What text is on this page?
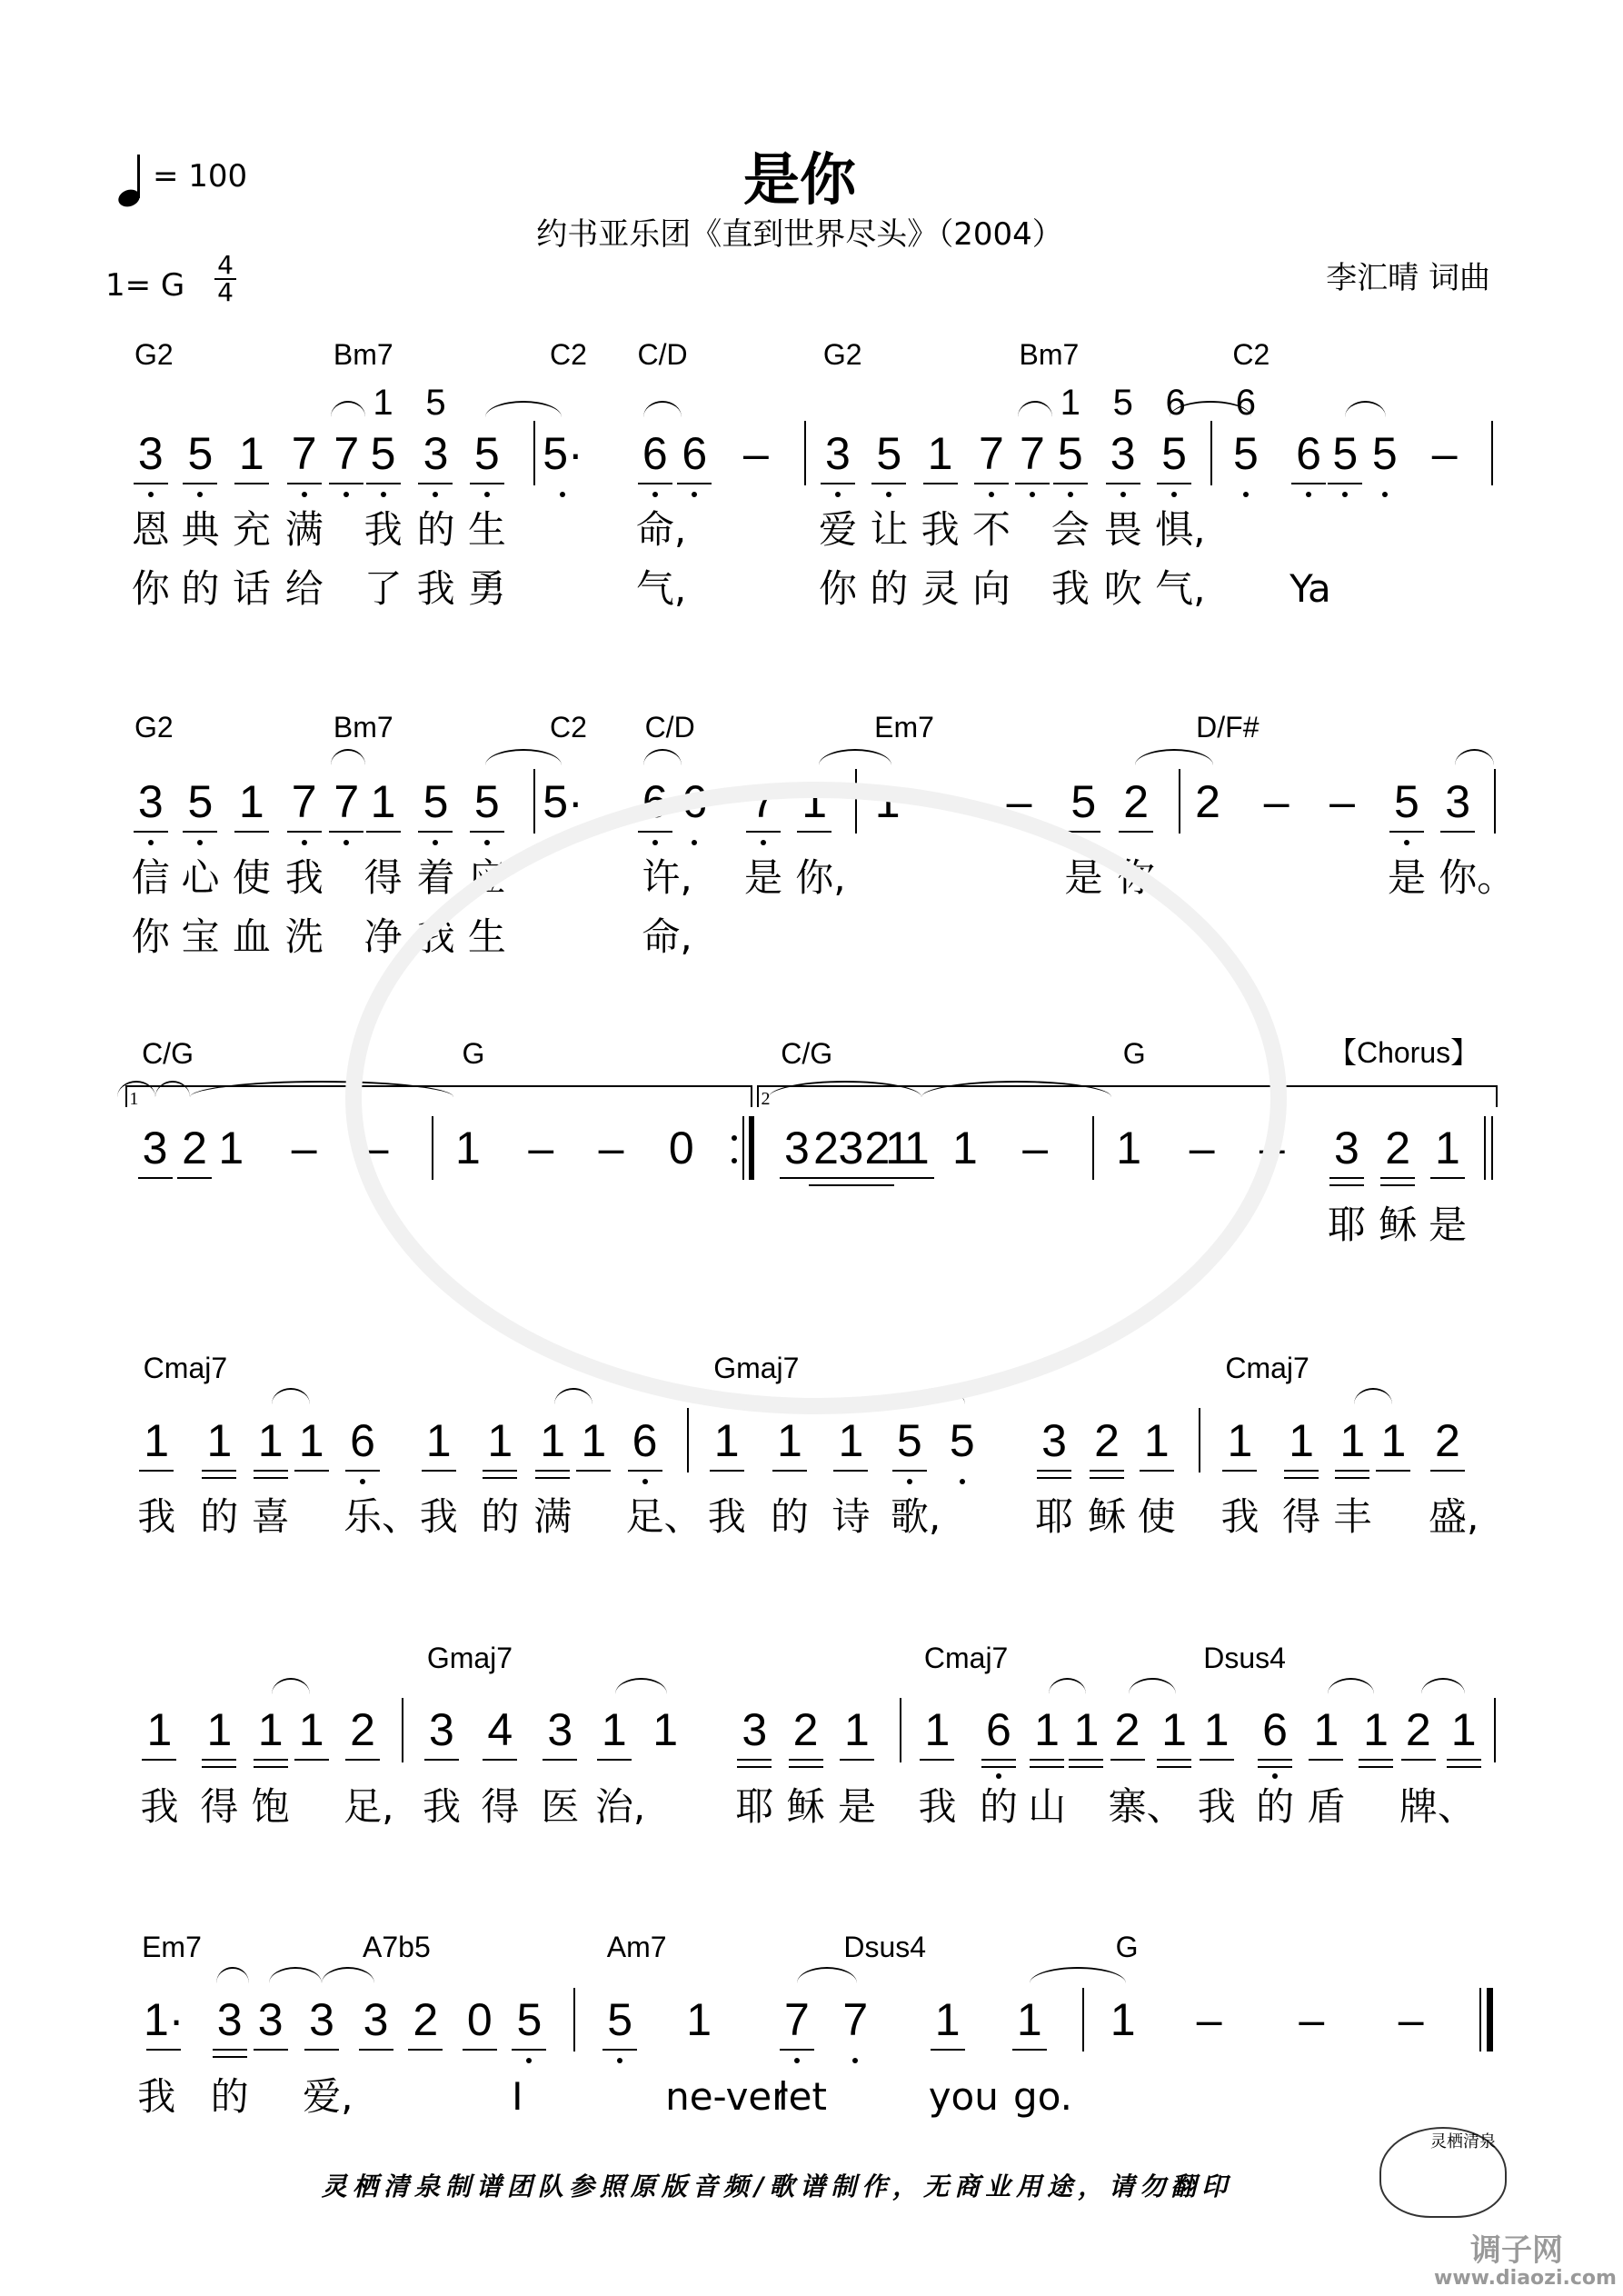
= 100	是你
约书亚乐团《直到世界尽头》（2004）
1= G
4
4	李汇晴 词曲
G2	Bm7	C2 C/D	G2	Bm7	C2
3 5 1 7 7 5 3 5 5· 6 6 – 3 5 1 7 7 5 3 5 5 6 5 5 –
1 5	1 5 6 6
恩 典 充 满 我 的 生	命,	爱 让 我 不 会 畏 惧,
你 的 话 给 了 我 勇	气,	你 的 灵 向 我 吹 气, Ya
G2	Bm7	C2 C/D	Em7	D/F#
3 5 1 7 7 1 5 5 5· 6 6 7 1 1 – – 5 2 2 – – 5 3
信 心 使 我 得 着 应	许, 是 你,	是 你,	是 你。
你 宝 血 洗 净 我 生	命,
C/G	G	C/G	G
3 2 1 – – 1 – – 0 3 2 3 2
1
1 1 – 1 – – 3 2 1
耶 稣 是
Cmaj7	Gmaj7	Cmaj7
1 1 1 1 6 1 1 1 1 6 1 1 1 5 5 3 2 1 1 1 1 1 2
我 的 喜 乐、 我 的 满 足、 我 的 诗 歌, 耶 稣 使 我 得 丰 盛,
Gmaj7	Cmaj7	Dsus4
1 1 1 1 2 3 4 3 1 1 3 2 1 1 6 1 1 2 1 1 6 1 1 2 1
我 得 饱 足, 我 得 医 治, 耶 稣 是 我 的 山 寨、 我 的 盾 牌、
Em7	A7b5	Am7	Dsus4	G
1· 3 3 3 3 2 0 5 5 1 7 7 1 1 1 – – –
我 的 爱,	I	ne-ver
let	you go.
【Chorus】
1	2
灵栖清泉制谱团队参照原版音频/歌谱制作，无商业用途，请勿翻印
灵栖清泉
调子网
www.diaozi.com
